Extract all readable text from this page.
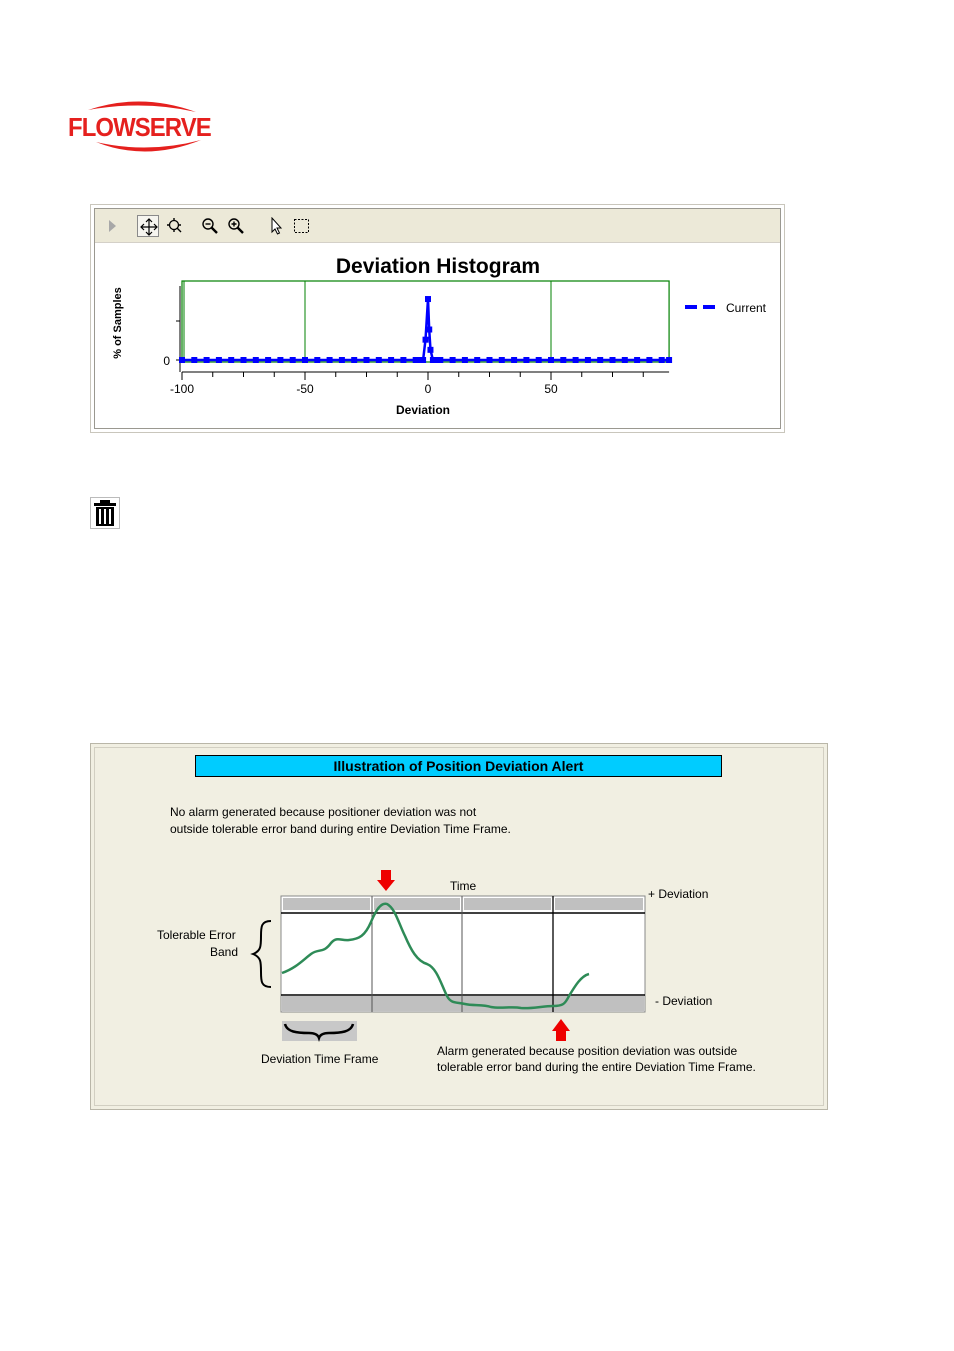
FLOWSERVE
Deviation Histogram
0
% of Samples
-100	-50	0	50
Deviation
Current
Illustration of Position Deviation Alert
No alarm generated because positioner deviation was not
outside tolerable error band during entire Deviation Time Frame.
Time
+ Deviation
- Deviation
Tolerable Error
Band
Deviation Time Frame
Alarm generated because position deviation was outside
tolerable error band during the entire Deviation Time Frame.
